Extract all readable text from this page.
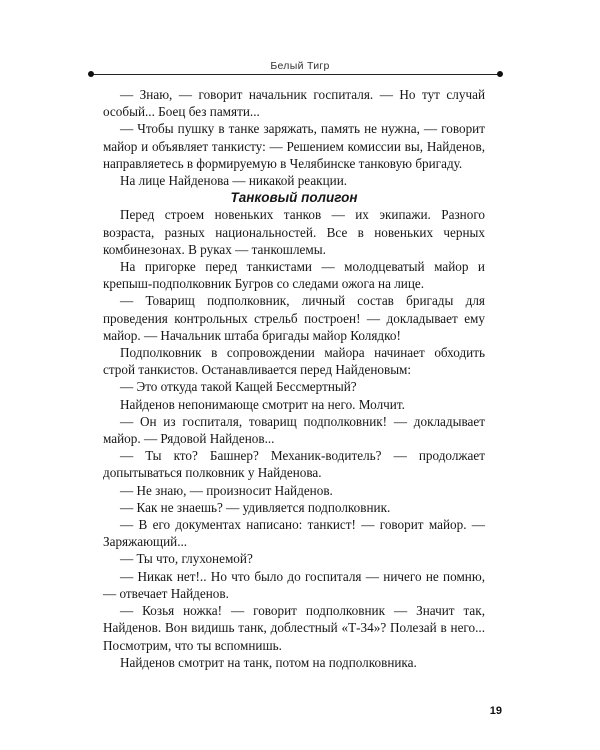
Белый Тигр

— Знаю, — говорит начальник госпиталя. — Но тут случай особый... Боец без памяти...

— Чтобы пушку в танке заряжать, память не нужна, — говорит майор и объявляет танкисту: — Решением комиссии вы, Найденов, направляетесь в формируемую в Челябинске танковую бригаду.

На лице Найденова — никакой реакции.

Танковый полигон

Перед строем новеньких танков — их экипажи. Разного возраста, разных национальностей. Все в новеньких черных комбинезонах. В руках — танкошлемы.

На пригорке перед танкистами — молодцеватый майор и крепыш-подполковник Бугров со следами ожога на лице.

— Товарищ подполковник, личный состав бригады для проведения контрольных стрельб построен! — докладывает ему майор. — Начальник штаба бригады майор Колядко!

Подполковник в сопровождении майора начинает обходить строй танкистов. Останавливается перед Найденовым:

— Это откуда такой Кащей Бессмертный?

Найденов непонимающе смотрит на него. Молчит.

— Он из госпиталя, товарищ подполковник! — докладывает майор. — Рядовой Найденов...

— Ты кто? Башнер? Механик-водитель? — продолжает допытываться полковник у Найденова.

— Не знаю, — произносит Найденов.

— Как не знаешь? — удивляется подполковник.

— В его документах написано: танкист! — говорит майор. — Заряжающий...

— Ты что, глухонемой?

— Никак нет!.. Но что было до госпиталя — ничего не помню, — отвечает Найденов.

— Козья ножка! — говорит подполковник — Значит так, Найденов. Вон видишь танк, доблестный «Т-34»? Полезай в него... Посмотрим, что ты вспомнишь.

Найденов смотрит на танк, потом на подполковника.

19
